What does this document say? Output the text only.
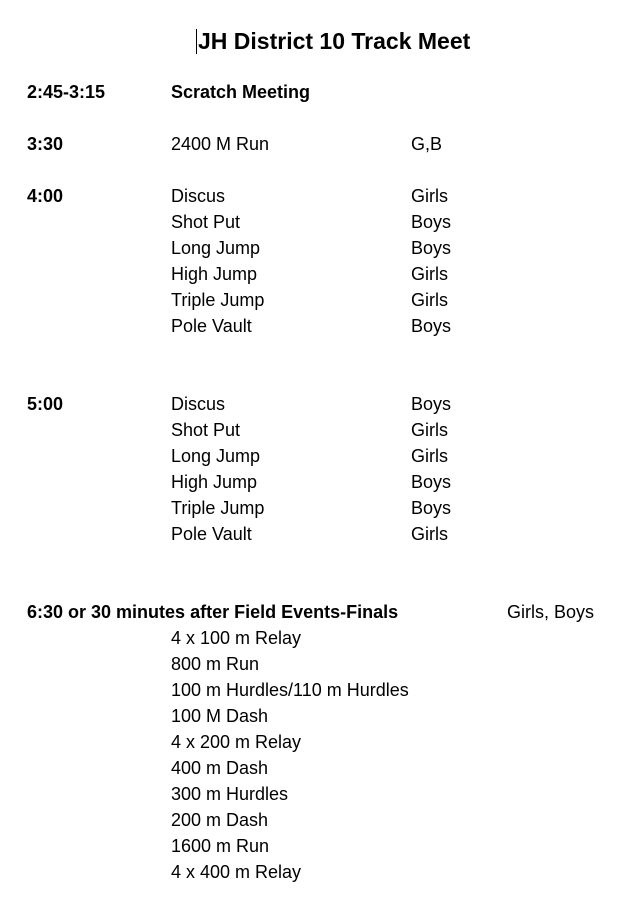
JH District 10 Track Meet
2:45-3:15	Scratch Meeting
3:30	2400 M Run	G,B
4:00	Discus	Girls
Shot Put	Boys
Long Jump	Boys
High Jump	Girls
Triple Jump	Girls
Pole Vault	Boys
5:00	Discus	Boys
Shot Put	Girls
Long Jump	Girls
High Jump	Boys
Triple Jump	Boys
Pole Vault	Girls
6:30 or 30 minutes after Field Events-Finals	Girls, Boys
4 x 100 m Relay
800 m Run
100 m Hurdles/110 m Hurdles
100 M Dash
4 x 200 m Relay
400 m Dash
300 m Hurdles
200 m Dash
1600 m Run
4 x 400 m Relay
